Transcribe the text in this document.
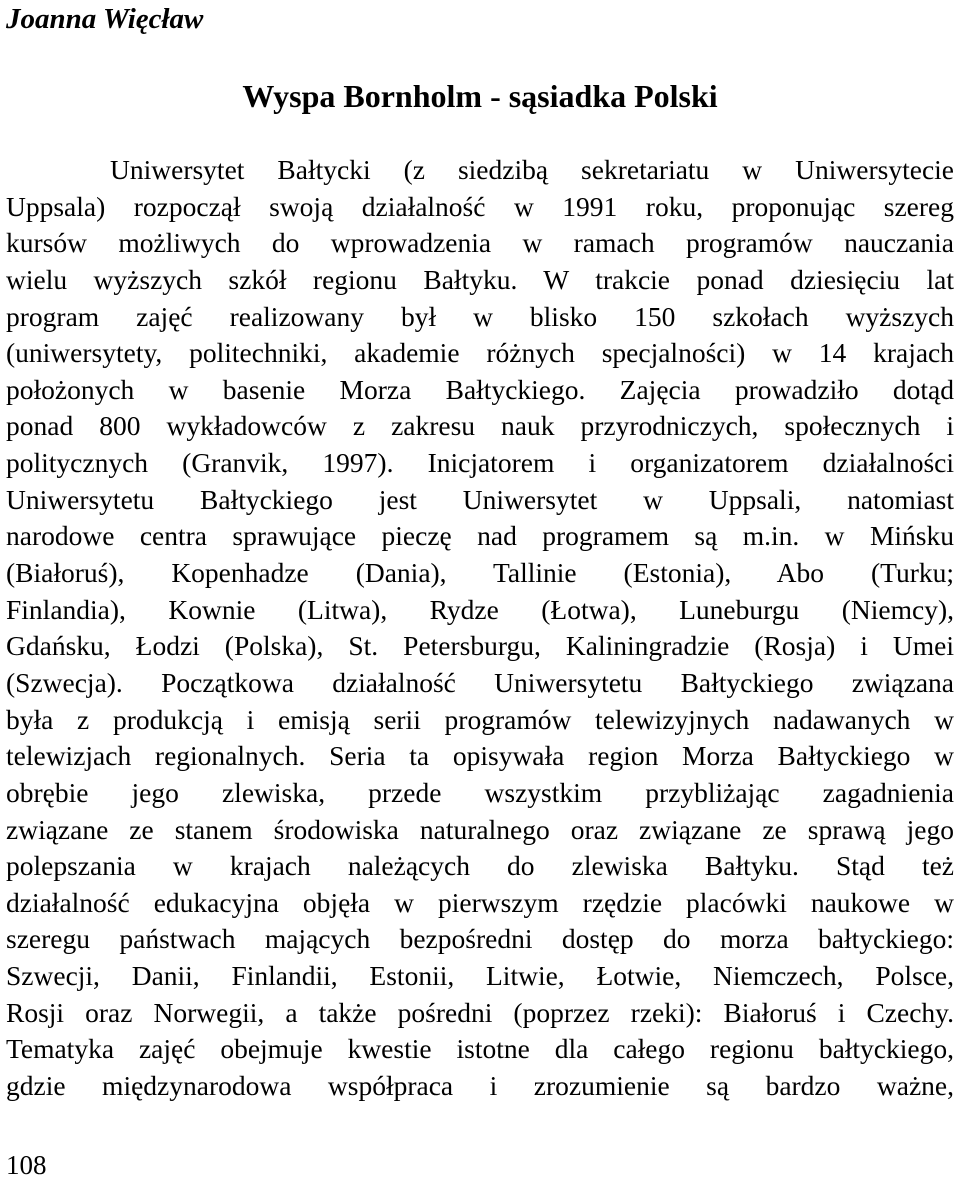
Joanna Więcław
Wyspa Bornholm - sąsiadka Polski
Uniwersytet Bałtycki (z siedzibą sekretariatu w Uniwersytecie
Uppsala) rozpoczął swoją działalność w 1991 roku, proponując szereg
kursów możliwych do wprowadzenia w ramach programów nauczania
wielu wyższych szkół regionu Bałtyku. W trakcie ponad dziesięciu lat
program zajęć realizowany był w blisko 150 szkołach wyższych
(uniwersytety, politechniki, akademie różnych specjalności) w 14 krajach
położonych w basenie Morza Bałtyckiego. Zajęcia prowadziło dotąd
ponad 800 wykładowców z zakresu nauk przyrodniczych, społecznych i
politycznych (Granvik, 1997). Inicjatorem i organizatorem działalności
Uniwersytetu Bałtyckiego jest Uniwersytet w Uppsali, natomiast
narodowe centra sprawujące pieczę nad programem są m.in. w Mińsku
(Białoruś), Kopenhadze (Dania), Tallinie (Estonia), Abo (Turku;
Finlandia), Kownie (Litwa), Rydze (Łotwa), Luneburgu (Niemcy),
Gdańsku, Łodzi (Polska), St. Petersburgu, Kaliningradzie (Rosja) i Umei
(Szwecja). Początkowa działalność Uniwersytetu Bałtyckiego związana
była z produkcją i emisją serii programów telewizyjnych nadawanych w
telewizjach regionalnych. Seria ta opisywała region Morza Bałtyckiego w
obrębie jego zlewiska, przede wszystkim przybliżając zagadnienia
związane ze stanem środowiska naturalnego oraz związane ze sprawą jego
polepszania w krajach należących do zlewiska Bałtyku. Stąd też
działalność edukacyjna objęła w pierwszym rzędzie placówki naukowe w
szeregu państwach mających bezpośredni dostęp do morza bałtyckiego:
Szwecji, Danii, Finlandii, Estonii, Litwie, Łotwie, Niemczech, Polsce,
Rosji oraz Norwegii, a także pośredni (poprzez rzeki): Białoruś i Czechy.
Tematyka zajęć obejmuje kwestie istotne dla całego regionu bałtyckiego,
gdzie międzynarodowa współpraca i zrozumienie są bardzo ważne,
108
